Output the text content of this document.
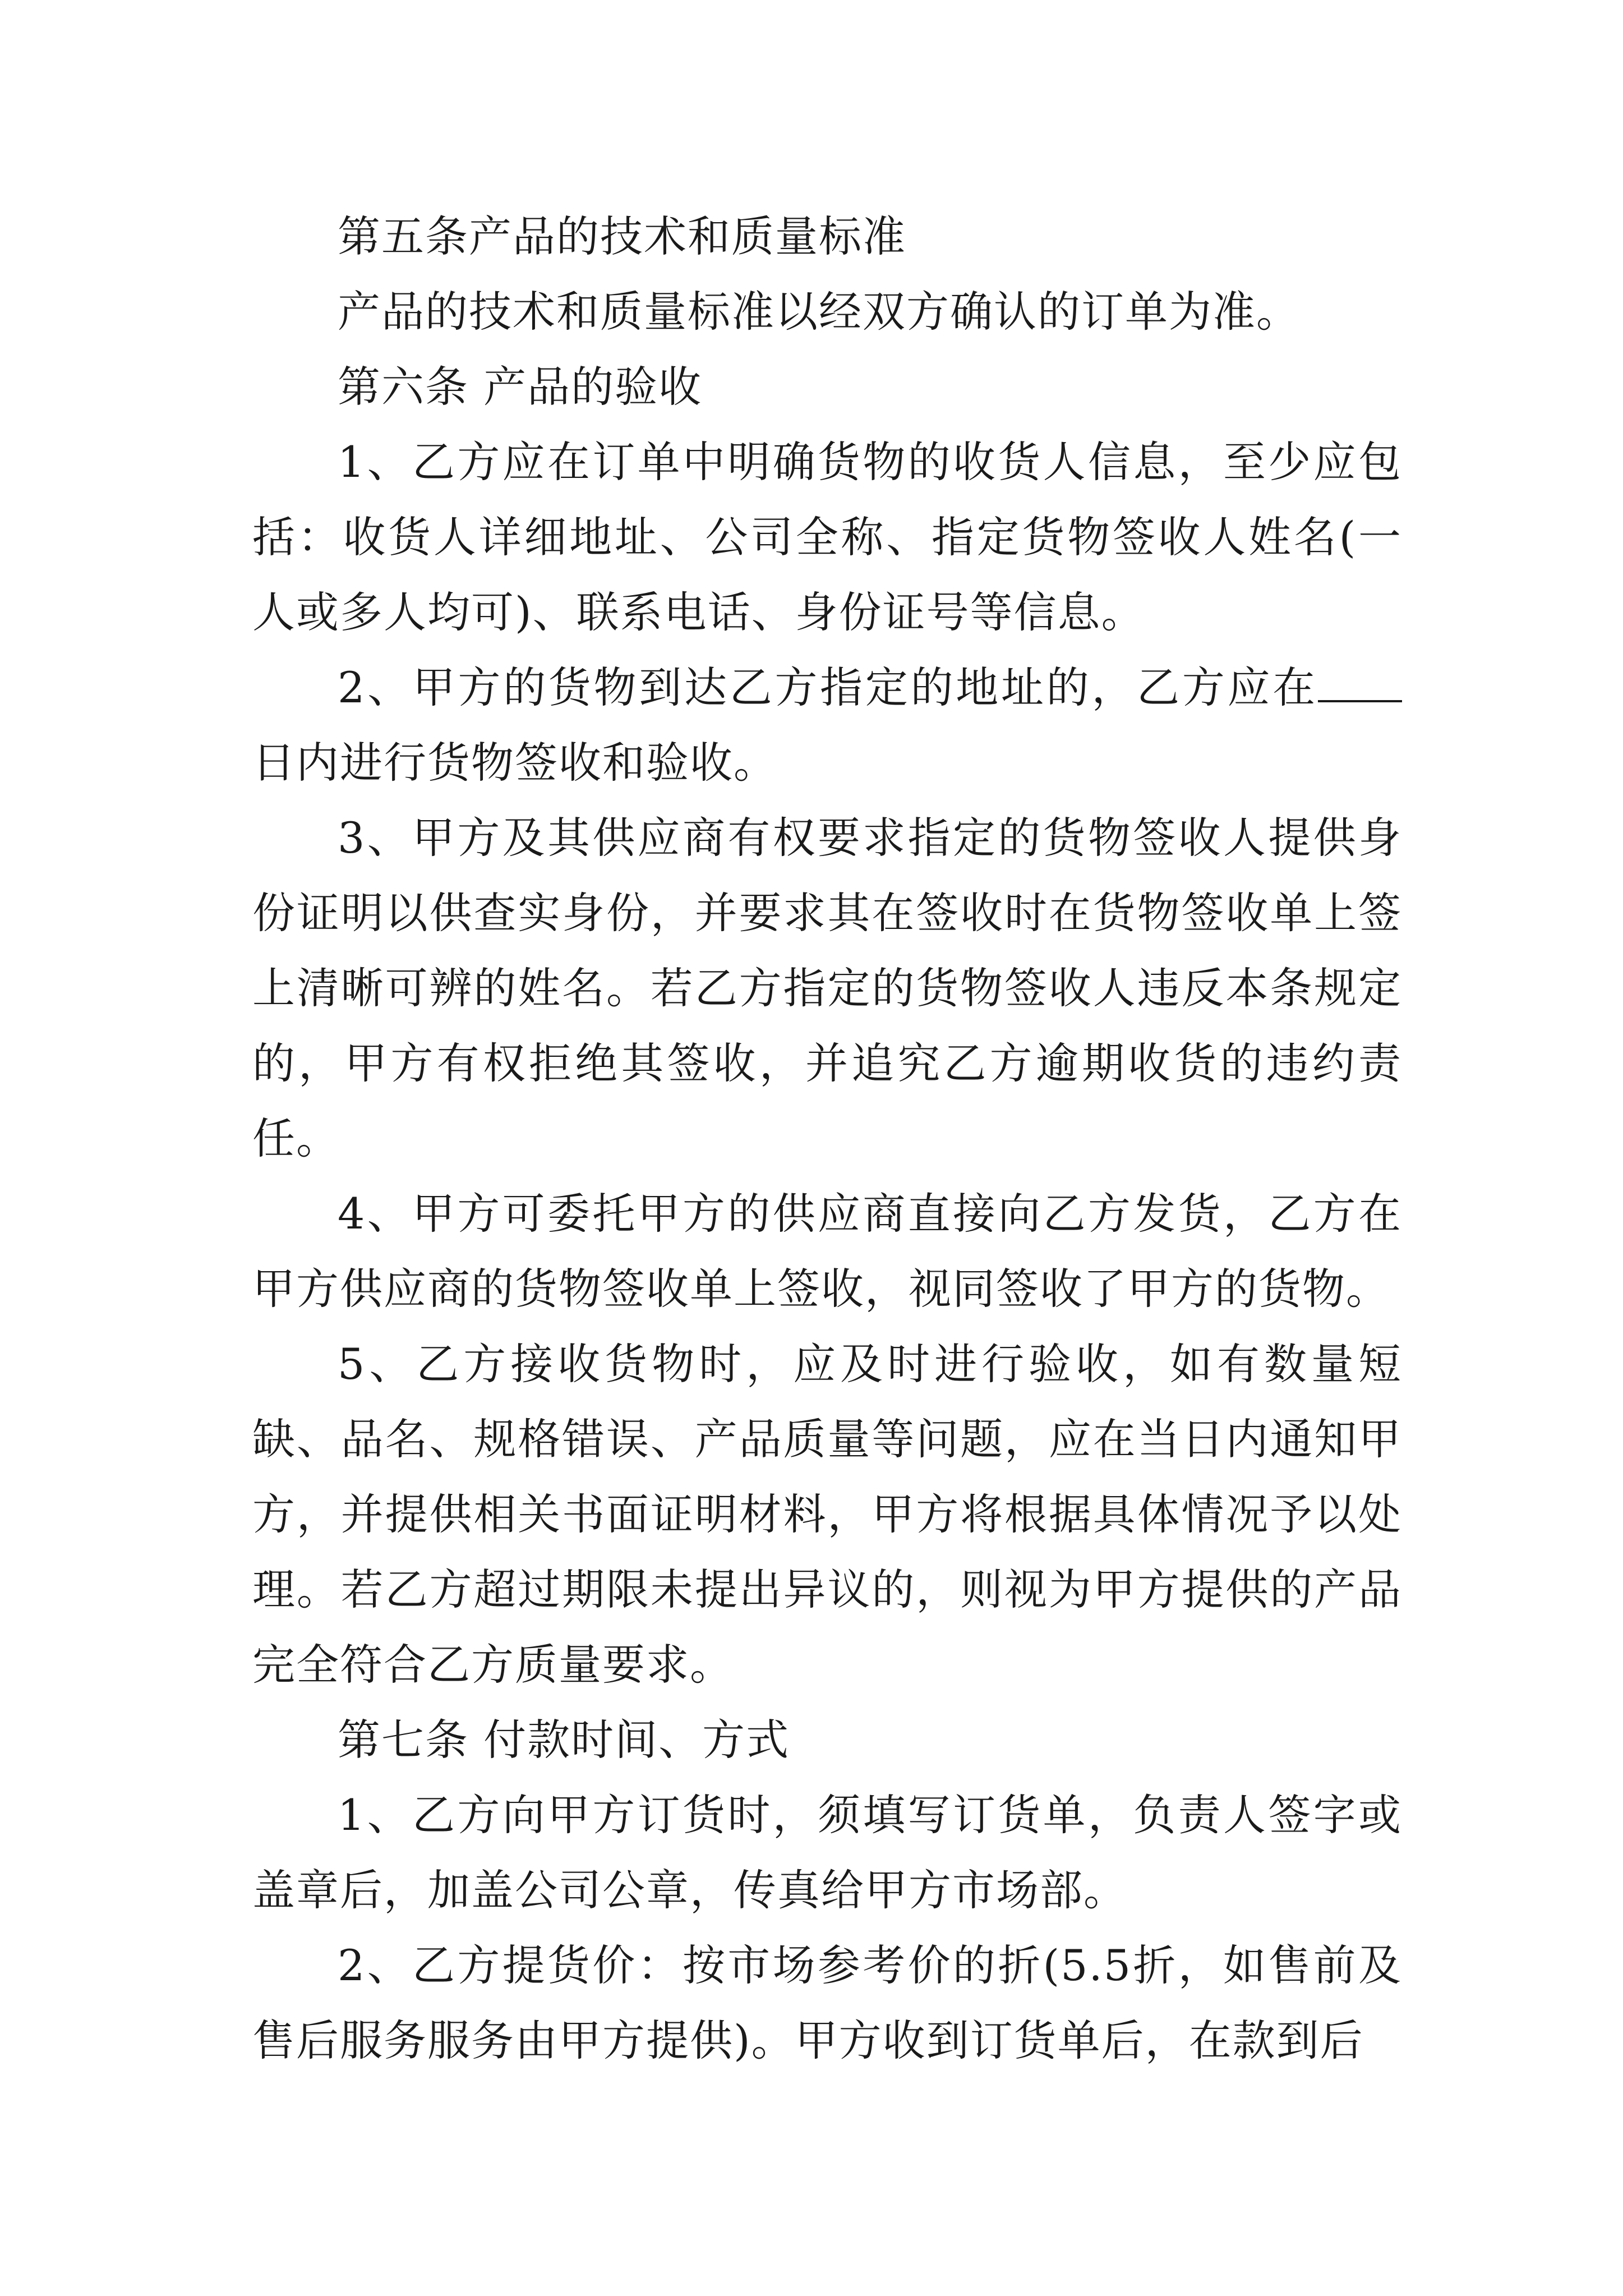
第五条产品的技术和质量标准

产品的技术和质量标准以经双方确认的订单为准。

第六条 产品的验收

1、乙方应在订单中明确货物的收货人信息，至少应包括：收货人详细地址、公司全称、指定货物签收人姓名(一人或多人均可)、联系电话、身份证号等信息。

2、甲方的货物到达乙方指定的地址的，乙方应在日内进行货物签收和验收。

3、甲方及其供应商有权要求指定的货物签收人提供身份证明以供查实身份，并要求其在签收时在货物签收单上签上清晰可辨的姓名。若乙方指定的货物签收人违反本条规定的，甲方有权拒绝其签收，并追究乙方逾期收货的违约责任。

4、甲方可委托甲方的供应商直接向乙方发货，乙方在甲方供应商的货物签收单上签收，视同签收了甲方的货物。

5、乙方接收货物时，应及时进行验收，如有数量短缺、品名、规格错误、产品质量等问题，应在当日内通知甲方，并提供相关书面证明材料，甲方将根据具体情况予以处理。若乙方超过期限未提出异议的，则视为甲方提供的产品完全符合乙方质量要求。

第七条 付款时间、方式

1、乙方向甲方订货时，须填写订货单，负责人签字或盖章后，加盖公司公章，传真给甲方市场部。

2、乙方提货价：按市场参考价的折(5.5折，如售前及售后服务服务由甲方提供)。甲方收到订货单后，在款到后
